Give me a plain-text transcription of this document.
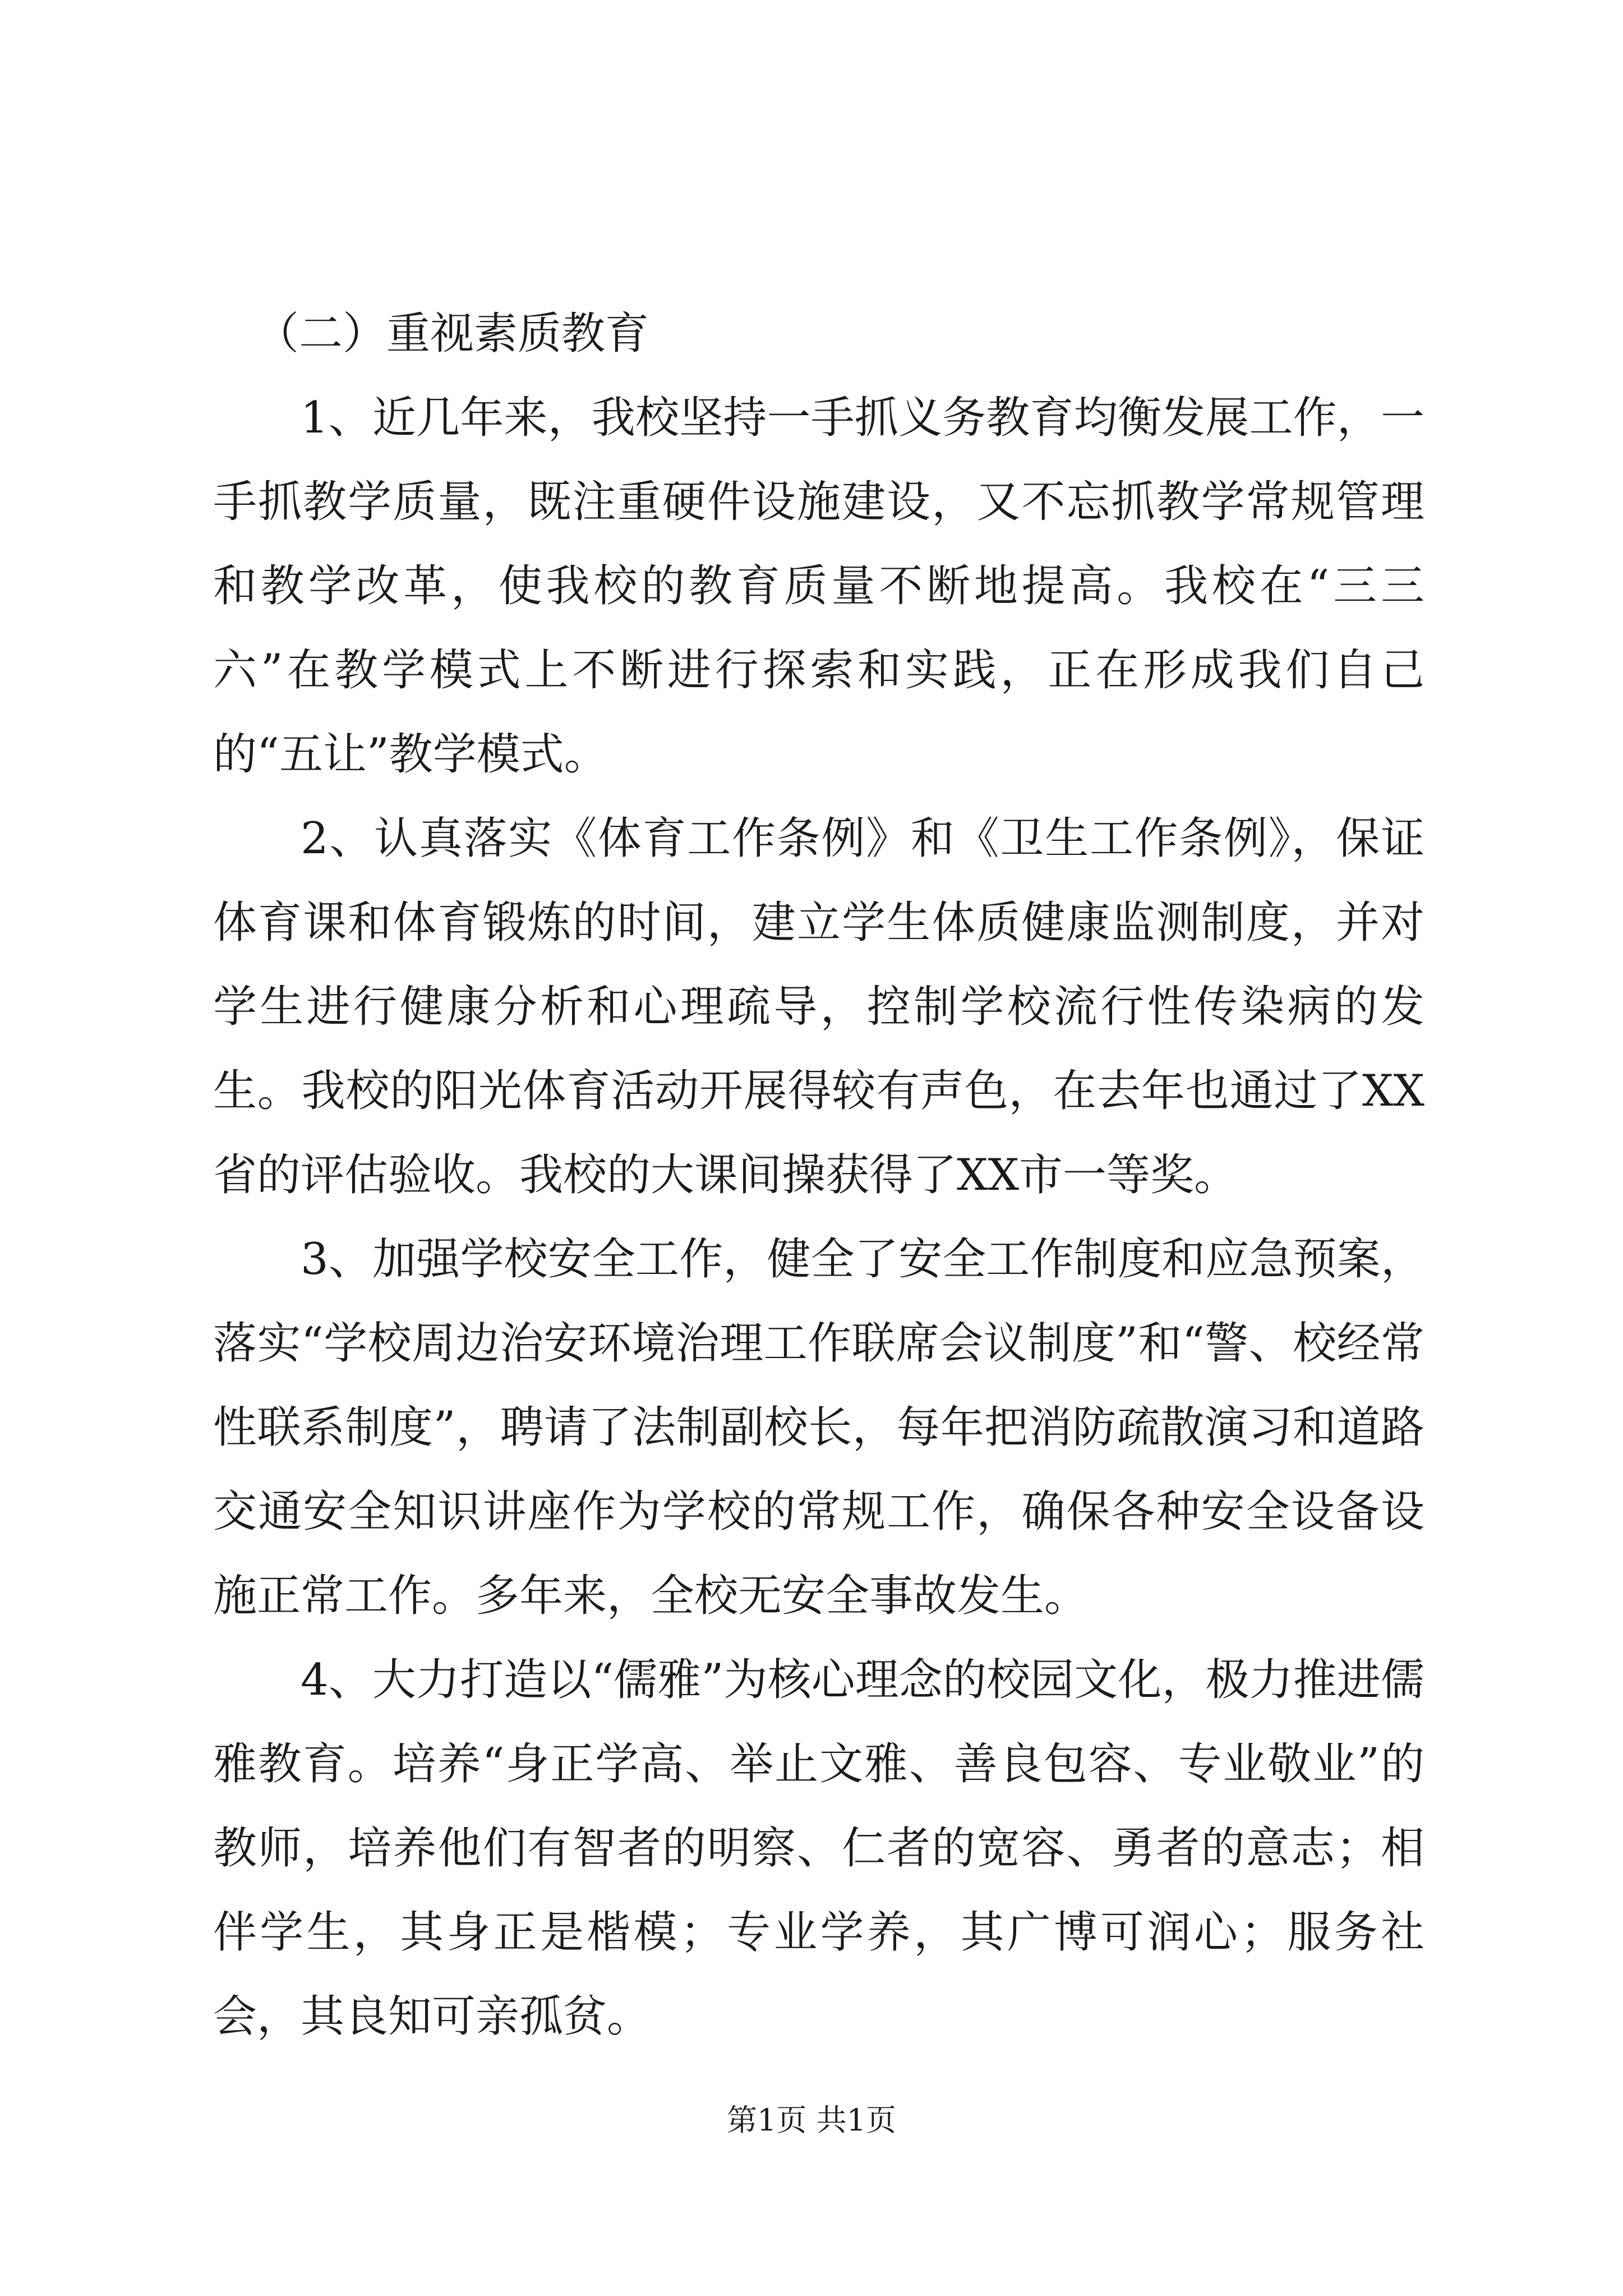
（二）重视素质教育

1、近几年来，我校坚持一手抓义务教育均衡发展工作，一手抓教学质量，既注重硬件设施建设，又不忘抓教学常规管理和教学改革，使我校的教育质量不断地提高。我校在“三三六”在教学模式上不断进行探索和实践，正在形成我们自己的“五让”教学模式。

2、认真落实《体育工作条例》和《卫生工作条例》，保证体育课和体育锻炼的时间，建立学生体质健康监测制度，并对学生进行健康分析和心理疏导，控制学校流行性传染病的发生。我校的阳光体育活动开展得较有声色，在去年也通过了XX省的评估验收。我校的大课间操获得了XX市一等奖。

3、加强学校安全工作，健全了安全工作制度和应急预案，落实“学校周边治安环境治理工作联席会议制度”和“警、校经常性联系制度”，聘请了法制副校长，每年把消防疏散演习和道路交通安全知识讲座作为学校的常规工作，确保各种安全设备设施正常工作。多年来，全校无安全事故发生。

4、大力打造以“儒雅”为核心理念的校园文化，极力推进儒雅教育。培养“身正学高、举止文雅、善良包容、专业敬业”的教师，培养他们有智者的明察、仁者的宽容、勇者的意志；相伴学生，其身正是楷模；专业学养，其广博可润心；服务社会，其良知可亲孤贫。

第1页 共1页
